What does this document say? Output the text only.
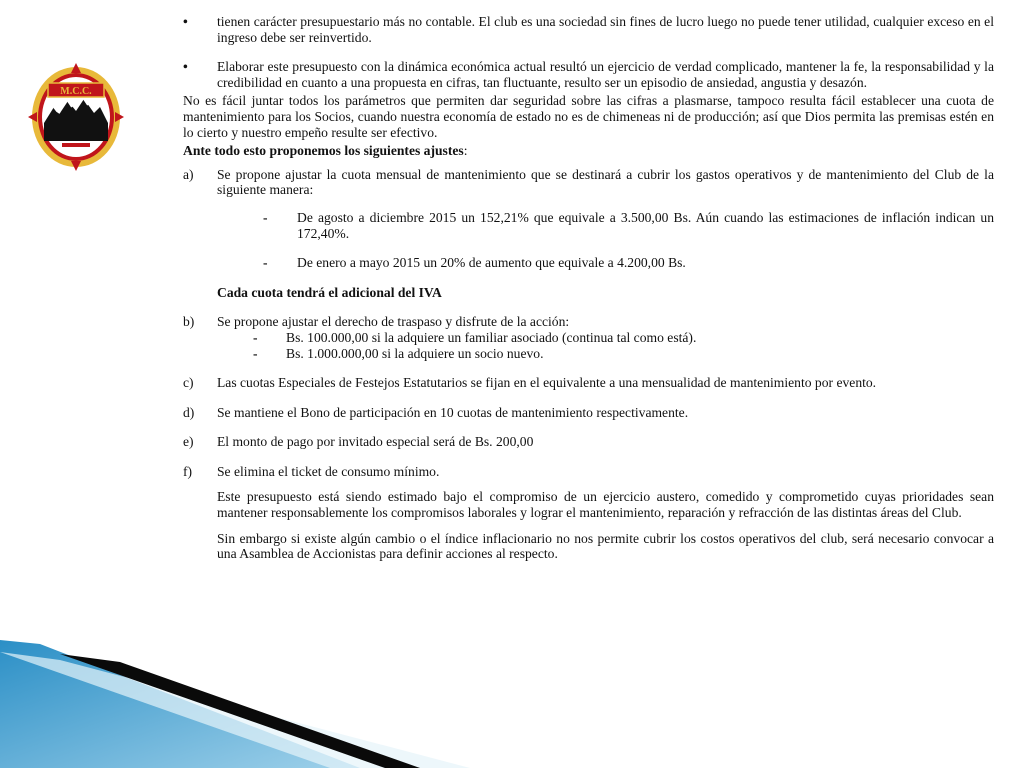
M.C.C.

• tienen carácter presupuestario más no contable. El club es una sociedad sin fines de lucro luego no puede tener utilidad, cualquier exceso en el ingreso debe ser reinvertido.

• Elaborar este presupuesto con la dinámica económica actual resultó un ejercicio de verdad complicado, mantener la fe, la responsabilidad y la credibilidad en cuanto a una propuesta en cifras, tan fluctuante, resulto ser un episodio de ansiedad, angustia y desazón.

No es fácil juntar todos los parámetros que permiten dar seguridad sobre las cifras a plasmarse, tampoco resulta fácil establecer una cuota de mantenimiento para los Socios, cuando nuestra economía de estado no es de chimeneas ni de producción; así que Dios permita las premisas estén en lo cierto y nuestro empeño resulte ser efectivo.

Ante todo esto proponemos los siguientes ajustes:

a) Se propone ajustar la cuota mensual de mantenimiento que se destinará a cubrir los gastos operativos y de mantenimiento del Club de la siguiente manera:

- De agosto a diciembre 2015 un 152,21% que equivale a 3.500,00 Bs. Aún cuando las estimaciones de inflación indican un 172,40%.

- De enero a mayo 2015 un 20% de aumento que equivale a 4.200,00 Bs.

Cada cuota tendrá el adicional del IVA

b) Se propone ajustar el derecho de traspaso y disfrute de la acción:

- Bs. 100.000,00 si la adquiere un familiar asociado (continua tal como está).

- Bs. 1.000.000,00 si la adquiere un socio nuevo.

c) Las cuotas Especiales de Festejos Estatutarios se fijan en el equivalente a una mensualidad de mantenimiento por evento.

d) Se mantiene el Bono de participación en 10 cuotas de mantenimiento respectivamente.

e) El monto de pago por invitado especial será de Bs. 200,00

f) Se elimina el ticket de consumo mínimo.

Este presupuesto está siendo estimado bajo el compromiso de un ejercicio austero, comedido y comprometido cuyas prioridades sean mantener responsablemente los compromisos laborales y lograr el mantenimiento, reparación y refracción de las distintas áreas del Club.

Sin embargo si existe algún cambio o el índice inflacionario no nos permite cubrir los costos operativos del club, será necesario convocar a una Asamblea de Accionistas para definir acciones al respecto.
